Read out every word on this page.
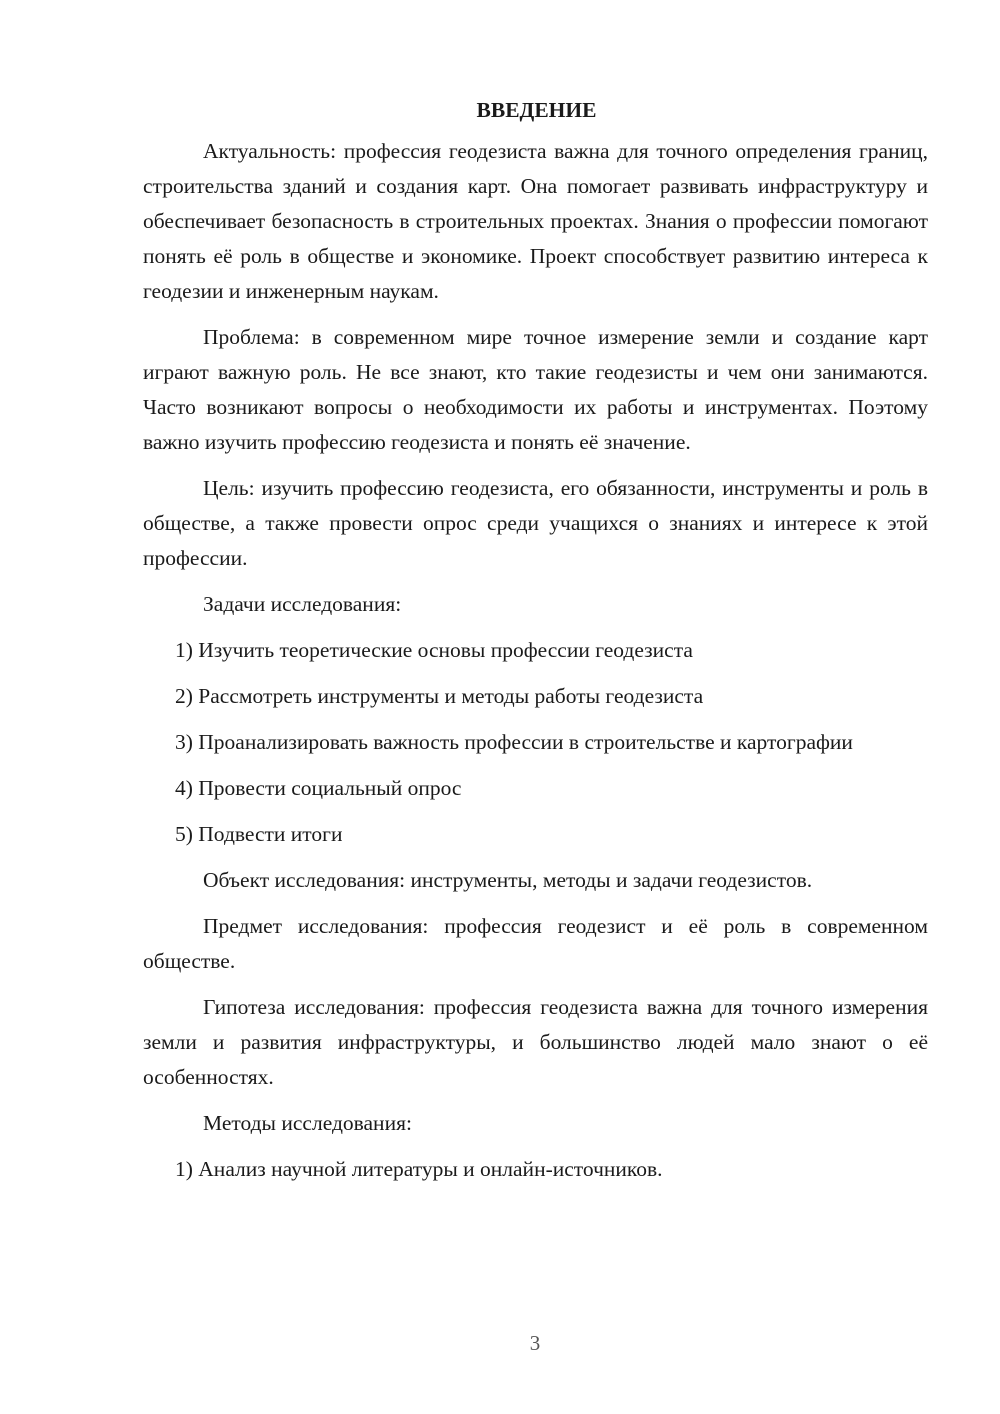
ВВЕДЕНИЕ
Актуальность: профессия геодезиста важна для точного определения границ, строительства зданий и создания карт. Она помогает развивать инфраструктуру и обеспечивает безопасность в строительных проектах. Знания о профессии помогают понять её роль в обществе и экономике. Проект способствует развитию интереса к геодезии и инженерным наукам.
Проблема: в современном мире точное измерение земли и создание карт играют важную роль. Не все знают, кто такие геодезисты и чем они занимаются. Часто возникают вопросы о необходимости их работы и инструментах. Поэтому важно изучить профессию геодезиста и понять её значение.
Цель: изучить профессию геодезиста, его обязанности, инструменты и роль в обществе, а также провести опрос среди учащихся о знаниях и интересе к этой профессии.
Задачи исследования:
1) Изучить теоретические основы профессии геодезиста
2) Рассмотреть инструменты и методы работы геодезиста
3) Проанализировать важность профессии в строительстве и картографии
4) Провести социальный опрос
5) Подвести итоги
Объект исследования: инструменты, методы и задачи геодезистов.
Предмет исследования: профессия геодезист и её роль в современном обществе.
Гипотеза исследования: профессия геодезиста важна для точного измерения земли и развития инфраструктуры, и большинство людей мало знают о её особенностях.
Методы исследования:
1) Анализ научной литературы и онлайн-источников.
3
